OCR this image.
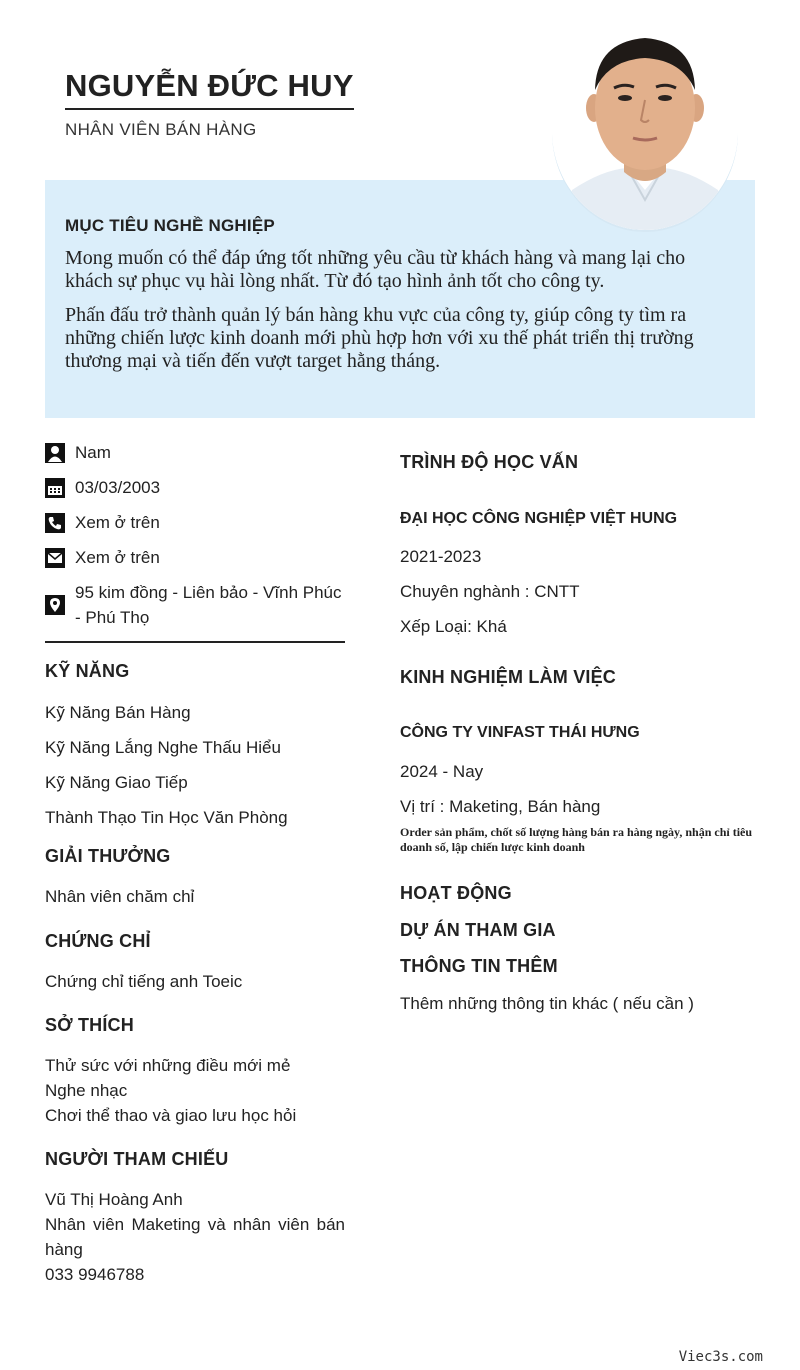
NGUYỄN ĐỨC HUY
NHÂN VIÊN BÁN HÀNG
MỤC TIÊU NGHỀ NGHIỆP

Mong muốn có thể đáp ứng tốt những yêu cầu từ khách hàng và mang lại cho khách sự phục vụ hài lòng nhất. Từ đó tạo hình ảnh tốt cho công ty.

Phấn đấu trở thành quản lý bán hàng khu vực của công ty, giúp công ty tìm ra những chiến lược kinh doanh mới phù hợp hơn với xu thế phát triển thị trường thương mại và tiến đến vượt target hằng tháng.

Nam
03/03/2003
Xem ở trên
Xem ở trên
95 kim đồng - Liên bảo - Vĩnh Phúc - Phú Thọ
KỸ NĂNG
Kỹ Năng Bán Hàng
Kỹ Năng Lắng Nghe Thấu Hiểu
Kỹ Năng Giao Tiếp
Thành Thạo Tin Học Văn Phòng
GIẢI THƯỞNG
Nhân viên chăm chỉ
CHỨNG CHỈ
Chứng chỉ tiếng anh Toeic
SỞ THÍCH
Thử sức với những điều mới mẻ
Nghe nhạc
Chơi thể thao và giao lưu học hỏi
NGƯỜI THAM CHIẾU
Vũ Thị Hoàng Anh
Nhân viên Maketing và nhân viên bán hàng
033 9946788
TRÌNH ĐỘ HỌC VẤN
ĐẠI HỌC CÔNG NGHIỆP VIỆT HUNG
2021-2023
Chuyên nghành : CNTT
Xếp Loại: Khá
KINH NGHIỆM LÀM VIỆC
CÔNG TY VINFAST THÁI HƯNG
2024 - Nay
Vị trí : Maketing, Bán hàng
Order sản phẩm, chốt số lượng hàng bán ra hàng ngày, nhận chỉ tiêu doanh số, lập chiến lược kinh doanh
HOẠT ĐỘNG
DỰ ÁN THAM GIA
THÔNG TIN THÊM
Thêm những thông tin khác ( nếu cần )
Viec3s.com
